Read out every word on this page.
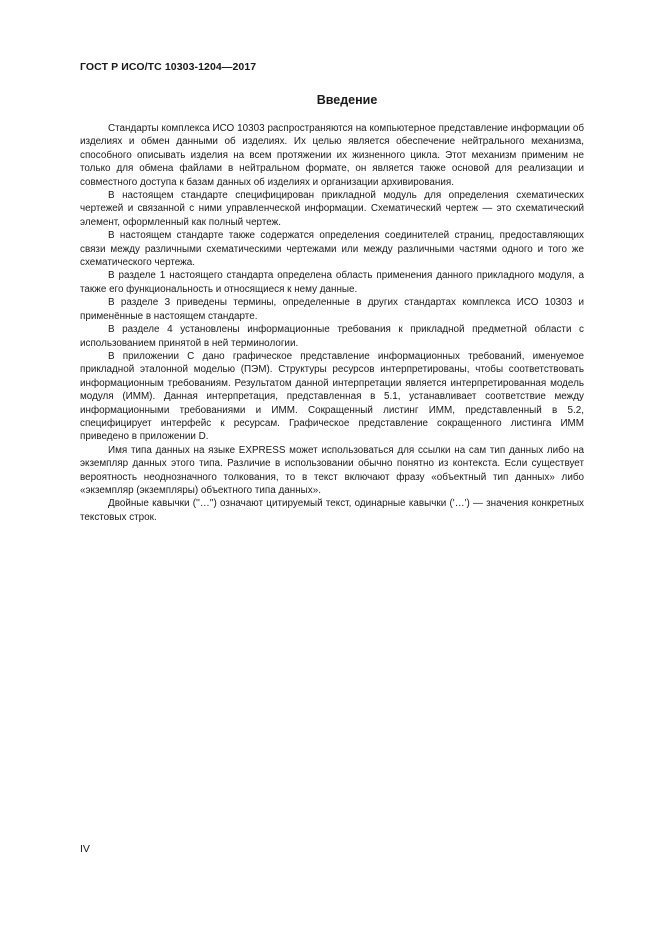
ГОСТ Р ИСО/ТС 10303-1204—2017
Введение

Стандарты комплекса ИСО 10303 распространяются на компьютерное представление информации об изделиях и обмен данными об изделиях. Их целью является обеспечение нейтрального механизма, способного описывать изделия на всем протяжении их жизненного цикла. Этот механизм применим не только для обмена файлами в нейтральном формате, он является также основой для реализации и совместного доступа к базам данных об изделиях и организации архивирования.

В настоящем стандарте специфицирован прикладной модуль для определения схематических чертежей и связанной с ними управленческой информации. Схематический чертеж — это схематический элемент, оформленный как полный чертеж.

В настоящем стандарте также содержатся определения соединителей страниц, предоставляющих связи между различными схематическими чертежами или между различными частями одного и того же схематического чертежа.

В разделе 1 настоящего стандарта определена область применения данного прикладного модуля, а также его функциональность и относящиеся к нему данные.

В разделе 3 приведены термины, определенные в других стандартах комплекса ИСО 10303 и применённые в настоящем стандарте.

В разделе 4 установлены информационные требования к прикладной предметной области с использованием принятой в ней терминологии.

В приложении С дано графическое представление информационных требований, именуемое прикладной эталонной моделью (ПЭМ). Структуры ресурсов интерпретированы, чтобы соответствовать информационным требованиям. Результатом данной интерпретации является интерпретированная модель модуля (ИММ). Данная интерпретация, представленная в 5.1, устанавливает соответствие между информационными требованиями и ИММ. Сокращенный листинг ИММ, представленный в 5.2, специфицирует интерфейс к ресурсам. Графическое представление сокращенного листинга ИММ приведено в приложении D.

Имя типа данных на языке EXPRESS может использоваться для ссылки на сам тип данных либо на экземпляр данных этого типа. Различие в использовании обычно понятно из контекста. Если существует вероятность неоднозначного толкования, то в текст включают фразу «объектный тип данных» либо «экземпляр (экземпляры) объектного типа данных».

Двойные кавычки (''…'') означают цитируемый текст, одинарные кавычки ('…') — значения конкретных текстовых строк.

IV
